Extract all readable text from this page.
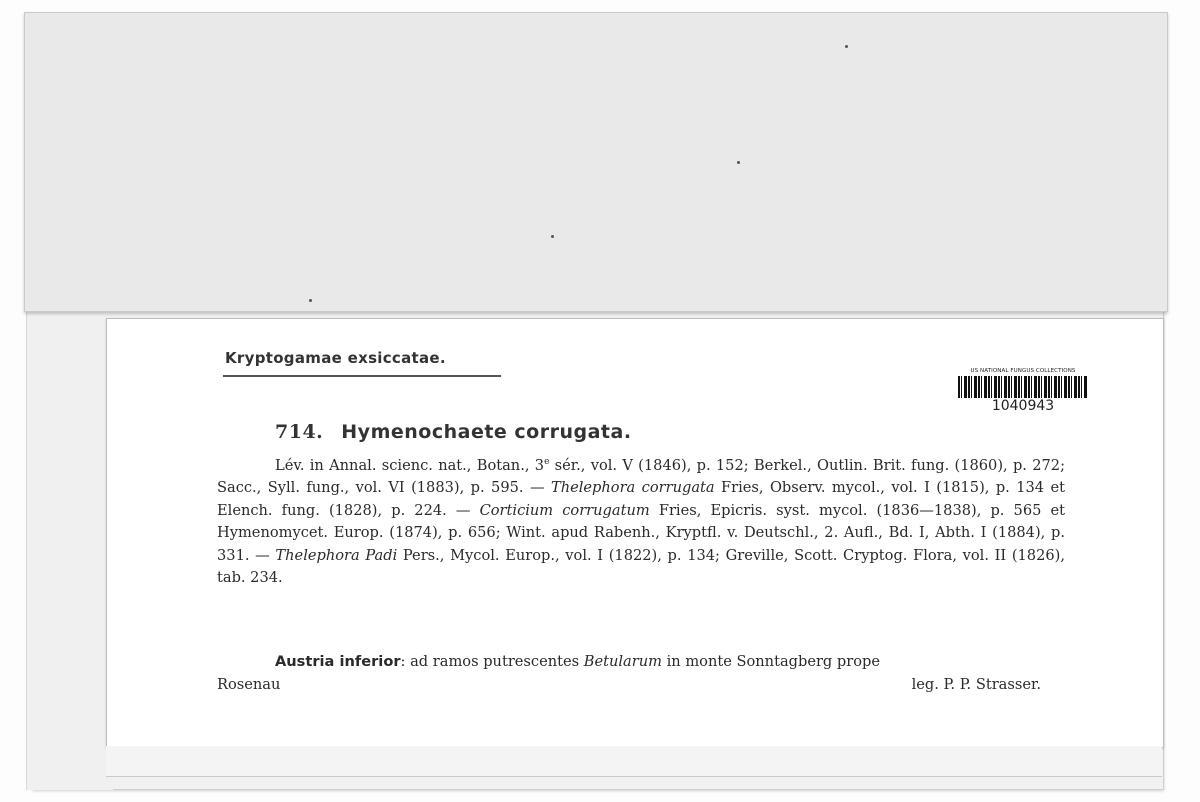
Kryptogamae exsiccatae.
US NATIONAL FUNGUS COLLECTIONS
1040943
714. Hymenochaete corrugata.

Lév. in Annal. scienc. nat., Botan., 3e sér., vol. V (1846), p. 152; Berkel., Outlin. Brit. fung. (1860), p. 272; Sacc., Syll. fung., vol. VI (1883), p. 595. — Thelephora corrugata Fries, Observ. mycol., vol. I (1815), p. 134 et Elench. fung. (1828), p. 224. — Corticium corrugatum Fries, Epicris. syst. mycol. (1836—1838), p. 565 et Hymenomycet. Europ. (1874), p. 656; Wint. apud Rabenh., Kryptfl. v. Deutschl., 2. Aufl., Bd. I, Abth. I (1884), p. 331. — Thelephora Padi Pers., Mycol. Europ., vol. I (1822), p. 134; Greville, Scott. Cryptog. Flora, vol. II (1826), tab. 234.

Austria inferior: ad ramos putrescentes Betularum in monte Sonntagberg prope

Rosenau	leg. P. P. Strasser.
